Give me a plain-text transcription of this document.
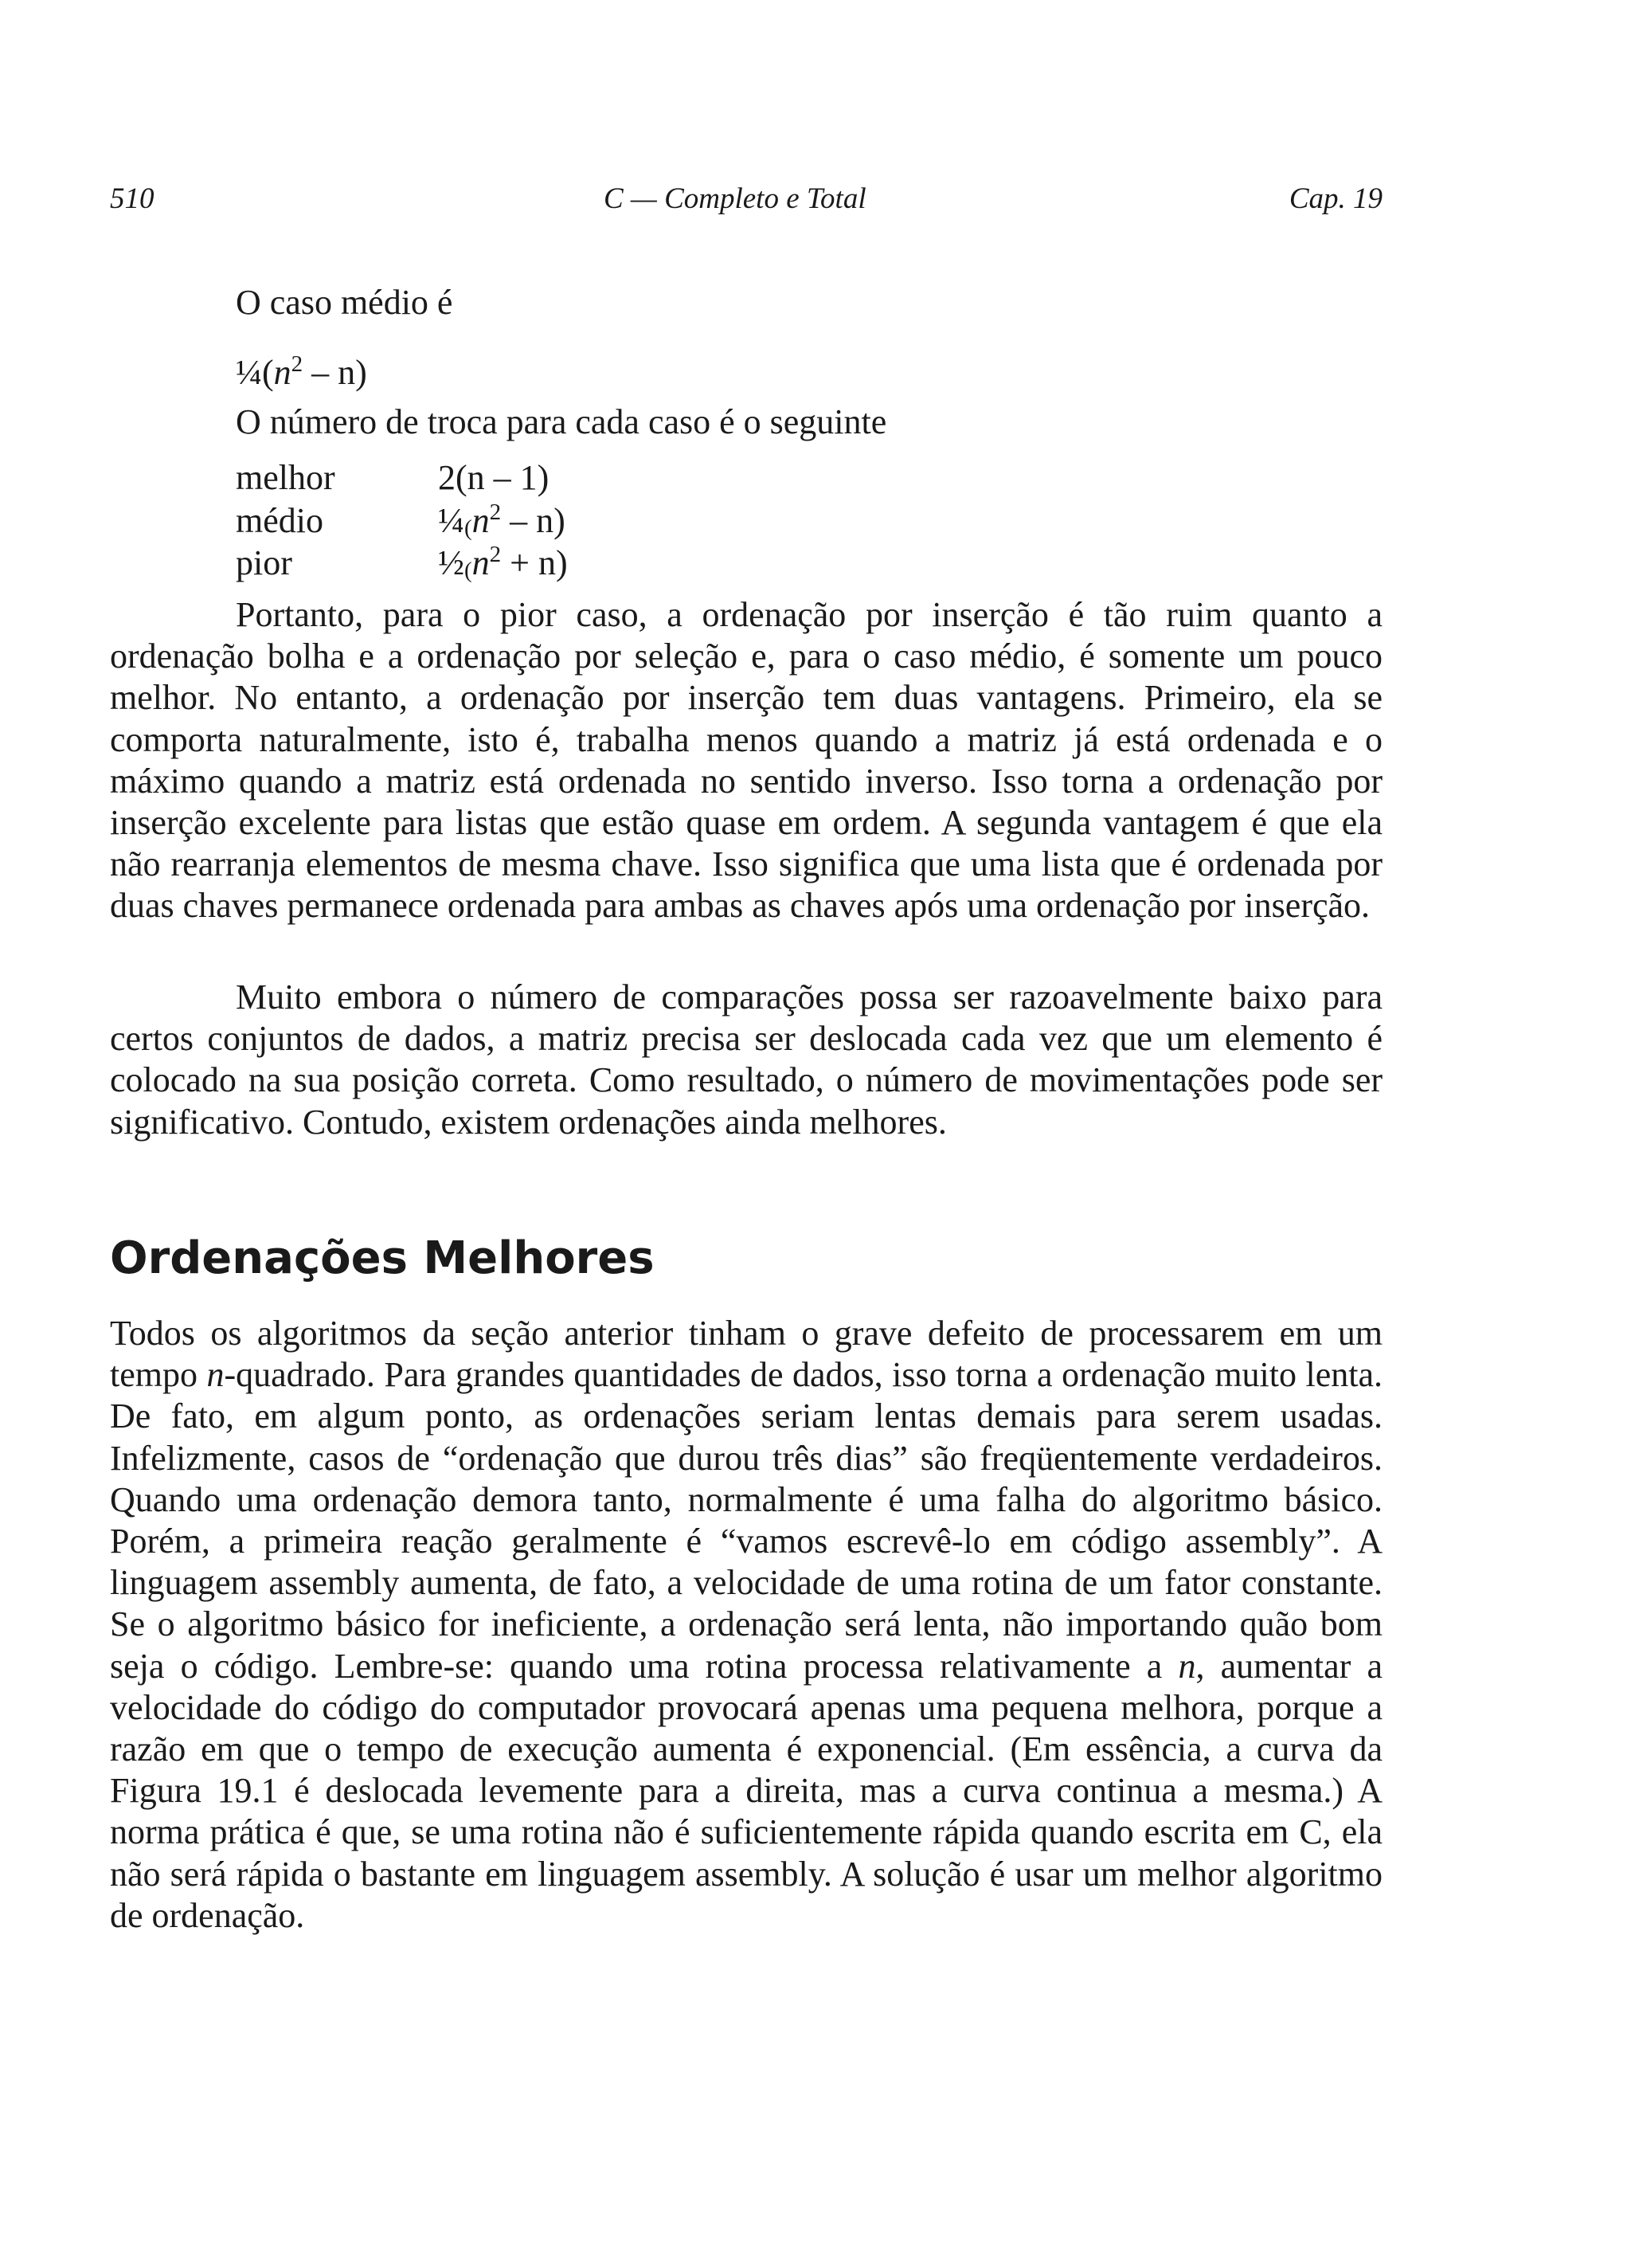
510	C — Completo e Total	Cap. 19
O caso médio é
$\frac{1}{4}(n^2 - n)$
O número de troca para cada caso é o seguinte
melhor	2(n – 1)
médio	$\frac{1}{4}_(n^2 - n$)
pior	$\frac{1}{2}_(n^2 + n$)

Portanto, para o pior caso, a ordenação por inserção é tão ruim quanto a ordenação bolha e a ordenação por seleção e, para o caso médio, é somente um pouco melhor. No entanto, a ordenação por inserção tem duas vantagens. Primeiro, ela se comporta naturalmente, isto é, trabalha menos quando a matriz já está ordenada e o máximo quando a matriz está ordenada no sentido inverso. Isso torna a ordenação por inserção excelente para listas que estão quase em ordem. A segunda vantagem é que ela não rearranja elementos de mesma chave. Isso significa que uma lista que é ordenada por duas chaves permanece ordenada para ambas as chaves após uma ordenação por inserção.

Muito embora o número de comparações possa ser razoavelmente baixo para certos conjuntos de dados, a matriz precisa ser deslocada cada vez que um elemento é colocado na sua posição correta. Como resultado, o número de movimentações pode ser significativo. Contudo, existem ordenações ainda melhores.

Ordenações Melhores

Todos os algoritmos da seção anterior tinham o grave defeito de processarem em um tempo n-quadrado. Para grandes quantidades de dados, isso torna a ordenação muito lenta. De fato, em algum ponto, as ordenações seriam lentas demais para serem usadas. Infelizmente, casos de “ordenação que durou três dias” são freqüentemente verdadeiros. Quando uma ordenação demora tanto, normalmente é uma falha do algoritmo básico. Porém, a primeira reação geralmente é “vamos escrevê-lo em código assembly”. A linguagem assembly aumenta, de fato, a velocidade de uma rotina de um fator constante. Se o algoritmo básico for ineficiente, a ordenação será lenta, não importando quão bom seja o código. Lembre-se: quando uma rotina processa relativamente a n, aumentar a velocidade do código do computador provocará apenas uma pequena melhora, porque a razão em que o tempo de execução aumenta é exponencial. (Em essência, a curva da Figura 19.1 é deslocada levemente para a direita, mas a curva continua a mesma.) A norma prática é que, se uma rotina não é suficientemente rápida quando escrita em C, ela não será rápida o bastante em linguagem assembly. A solução é usar um melhor algoritmo de ordenação.
